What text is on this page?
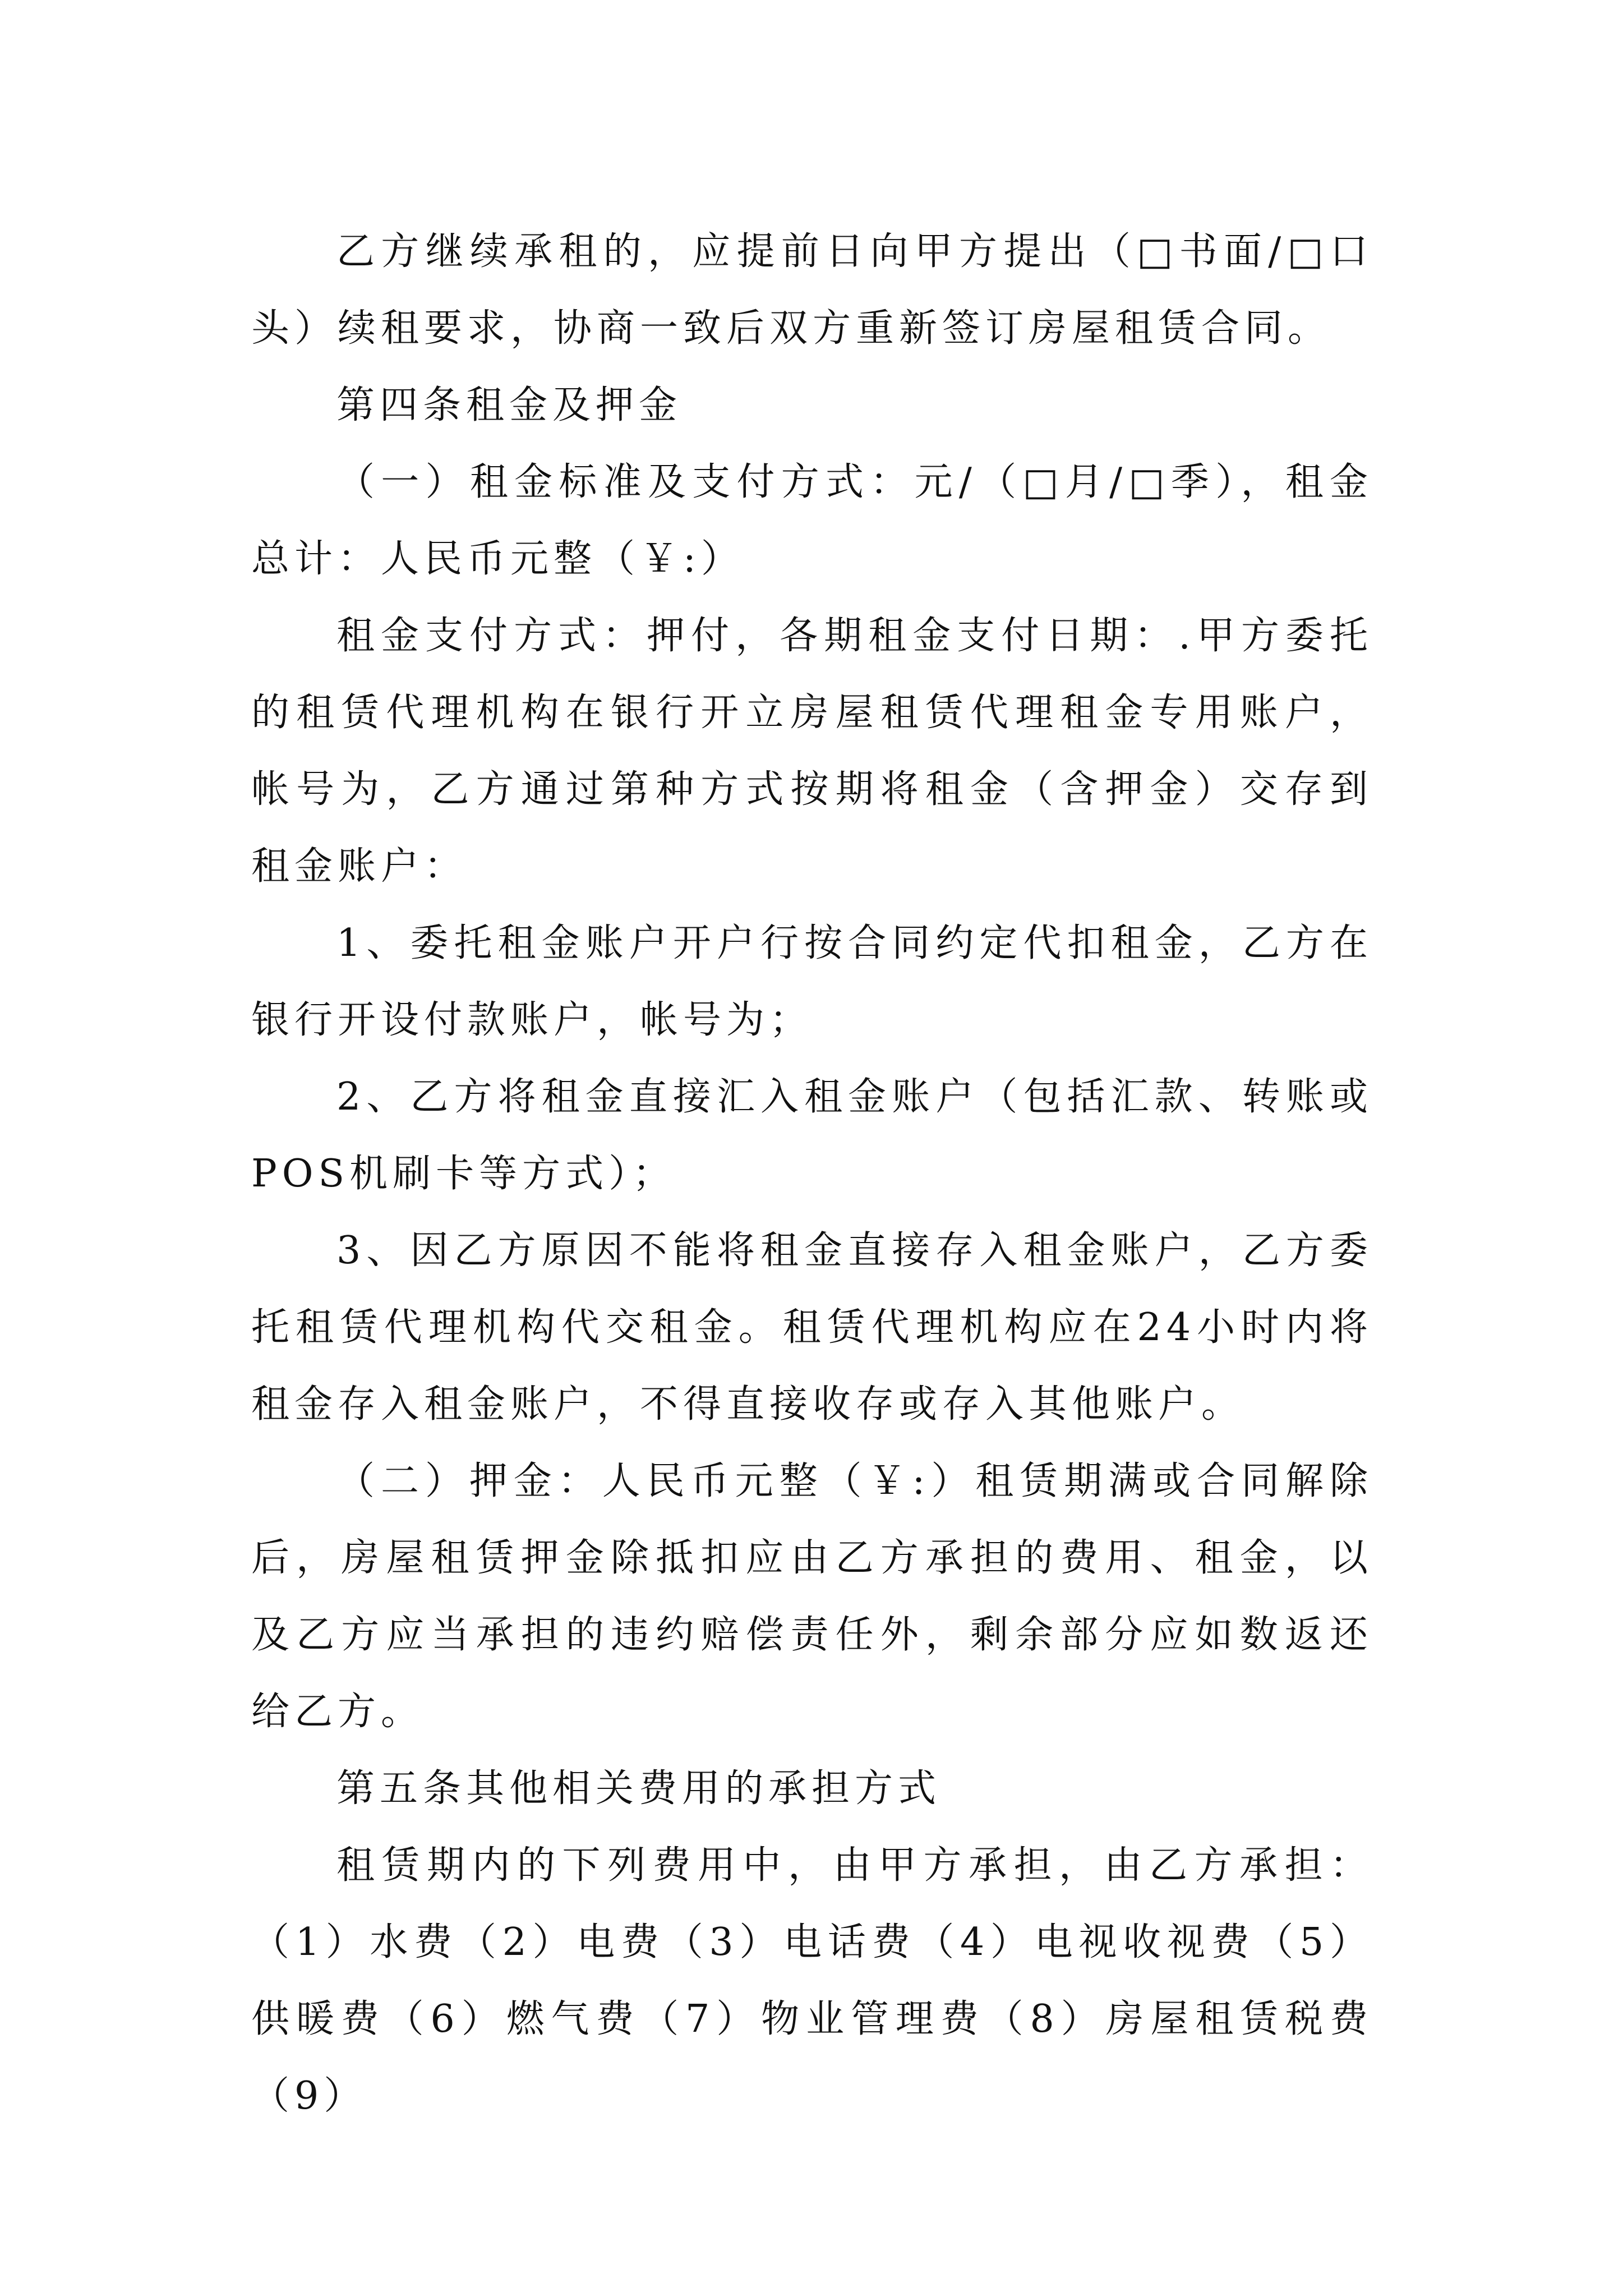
乙方继续承租的，应提前日向甲方提出（□书面/□口头）续租要求，协商一致后双方重新签订房屋租赁合同。

第四条租金及押金

（一）租金标准及支付方式：元/（□月/□季），租金总计：人民币元整（￥:）

租金支付方式：押付，各期租金支付日期：.甲方委托的租赁代理机构在银行开立房屋租赁代理租金专用账户，帐号为，乙方通过第种方式按期将租金（含押金）交存到租金账户：

1、委托租金账户开户行按合同约定代扣租金，乙方在银行开设付款账户，帐号为；

2、乙方将租金直接汇入租金账户（包括汇款、转账或POS机刷卡等方式）；

3、因乙方原因不能将租金直接存入租金账户，乙方委托租赁代理机构代交租金。租赁代理机构应在24小时内将租金存入租金账户，不得直接收存或存入其他账户。

（二）押金：人民币元整（￥:）租赁期满或合同解除后，房屋租赁押金除抵扣应由乙方承担的费用、租金，以及乙方应当承担的违约赔偿责任外，剩余部分应如数返还给乙方。

第五条其他相关费用的承担方式

租赁期内的下列费用中，由甲方承担，由乙方承担：（1）水费（2）电费（3）电话费（4）电视收视费（5）供暖费（6）燃气费（7）物业管理费（8）房屋租赁税费（9）
